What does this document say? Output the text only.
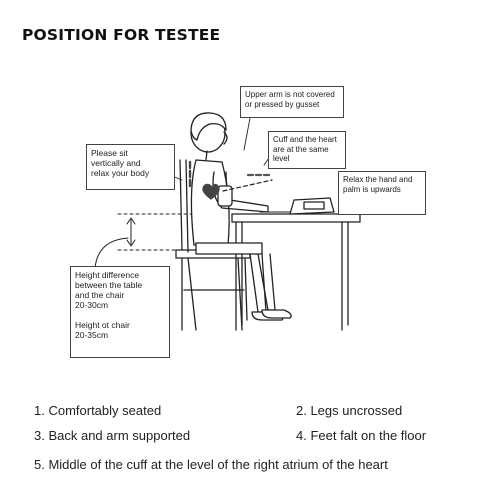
POSITION FOR TESTEE
Please sit
vertically and
relax your body
Upper arm is not covered
or pressed by gusset
Cuff and the heart
are at the same
level
Relax the hand and
palm is upwards
Height difference
between the table
and the chair
20-30cm
Height ot chair
20-35cm
1. Comfortably seated	2. Legs uncrossed
3. Back and arm supported	4. Feet falt on the floor
5. Middle of the cuff at the level of the right atrium of the heart
